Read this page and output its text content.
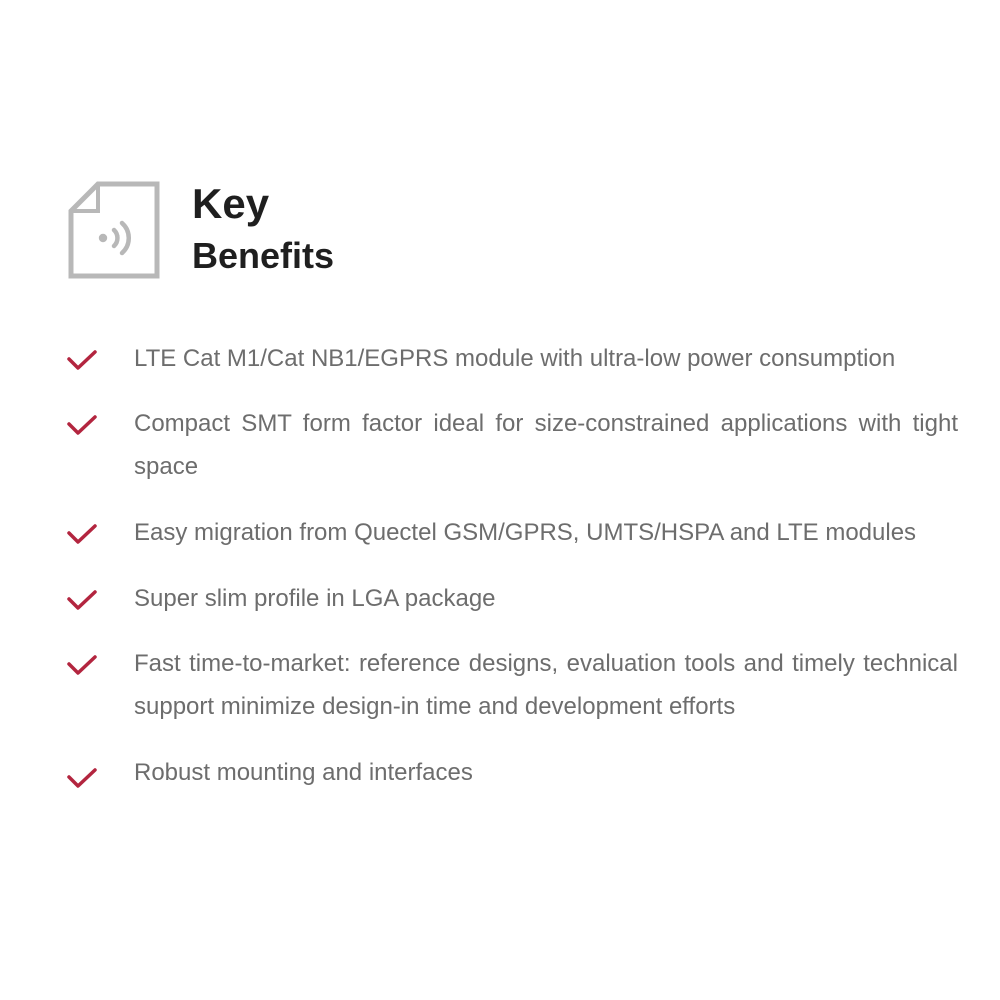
Key
Benefits

LTE Cat M1/Cat NB1/EGPRS module with ultra-low power consumption

Compact SMT form factor ideal for size-constrained applications with tight space

Easy migration from Quectel GSM/GPRS, UMTS/HSPA and LTE modules

Super slim profile in LGA package

Fast time-to-market: reference designs, evaluation tools and timely technical support minimize design-in time and development efforts

Robust mounting and interfaces
